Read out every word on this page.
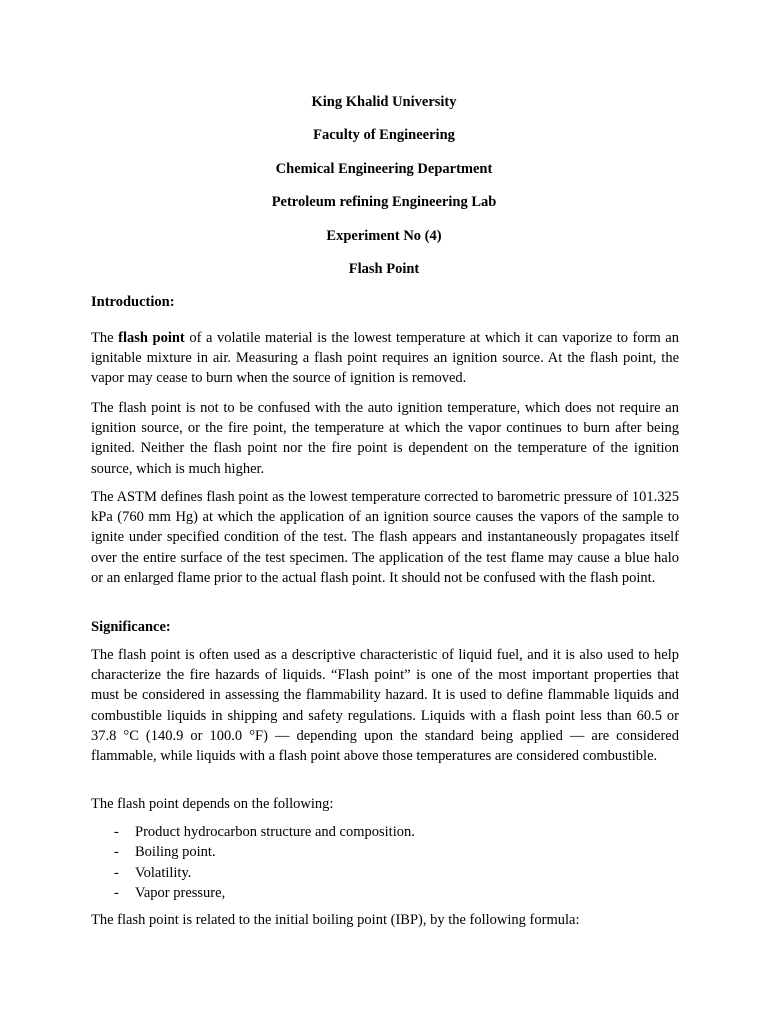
King Khalid University

Faculty of Engineering

Chemical Engineering Department

Petroleum refining Engineering Lab

Experiment No (4)

Flash Point

Introduction:

The flash point of a volatile material is the lowest temperature at which it can vaporize to form an ignitable mixture in air. Measuring a flash point requires an ignition source. At the flash point, the vapor may cease to burn when the source of ignition is removed.

The flash point is not to be confused with the auto ignition temperature, which does not require an ignition source, or the fire point, the temperature at which the vapor continues to burn after being ignited. Neither the flash point nor the fire point is dependent on the temperature of the ignition source, which is much higher.

The ASTM defines flash point as the lowest temperature corrected to barometric pressure of 101.325 kPa (760 mm Hg) at which the application of an ignition source causes the vapors of the sample to ignite under specified condition of the test. The flash appears and instantaneously propagates itself over the entire surface of the test specimen. The application of the test flame may cause a blue halo or an enlarged flame prior to the actual flash point. It should not be confused with the flash point.

Significance:

The flash point is often used as a descriptive characteristic of liquid fuel, and it is also used to help characterize the fire hazards of liquids. “Flash point” is one of the most important properties that must be considered in assessing the flammability hazard. It is used to define flammable liquids and combustible liquids in shipping and safety regulations. Liquids with a flash point less than 60.5 or 37.8 °C (140.9 or 100.0 °F) — depending upon the standard being applied — are considered flammable, while liquids with a flash point above those temperatures are considered combustible.

The flash point depends on the following:

- Product hydrocarbon structure and composition.
- Boiling point.
- Volatility.
- Vapor pressure,

The flash point is related to the initial boiling point (IBP), by the following formula:
